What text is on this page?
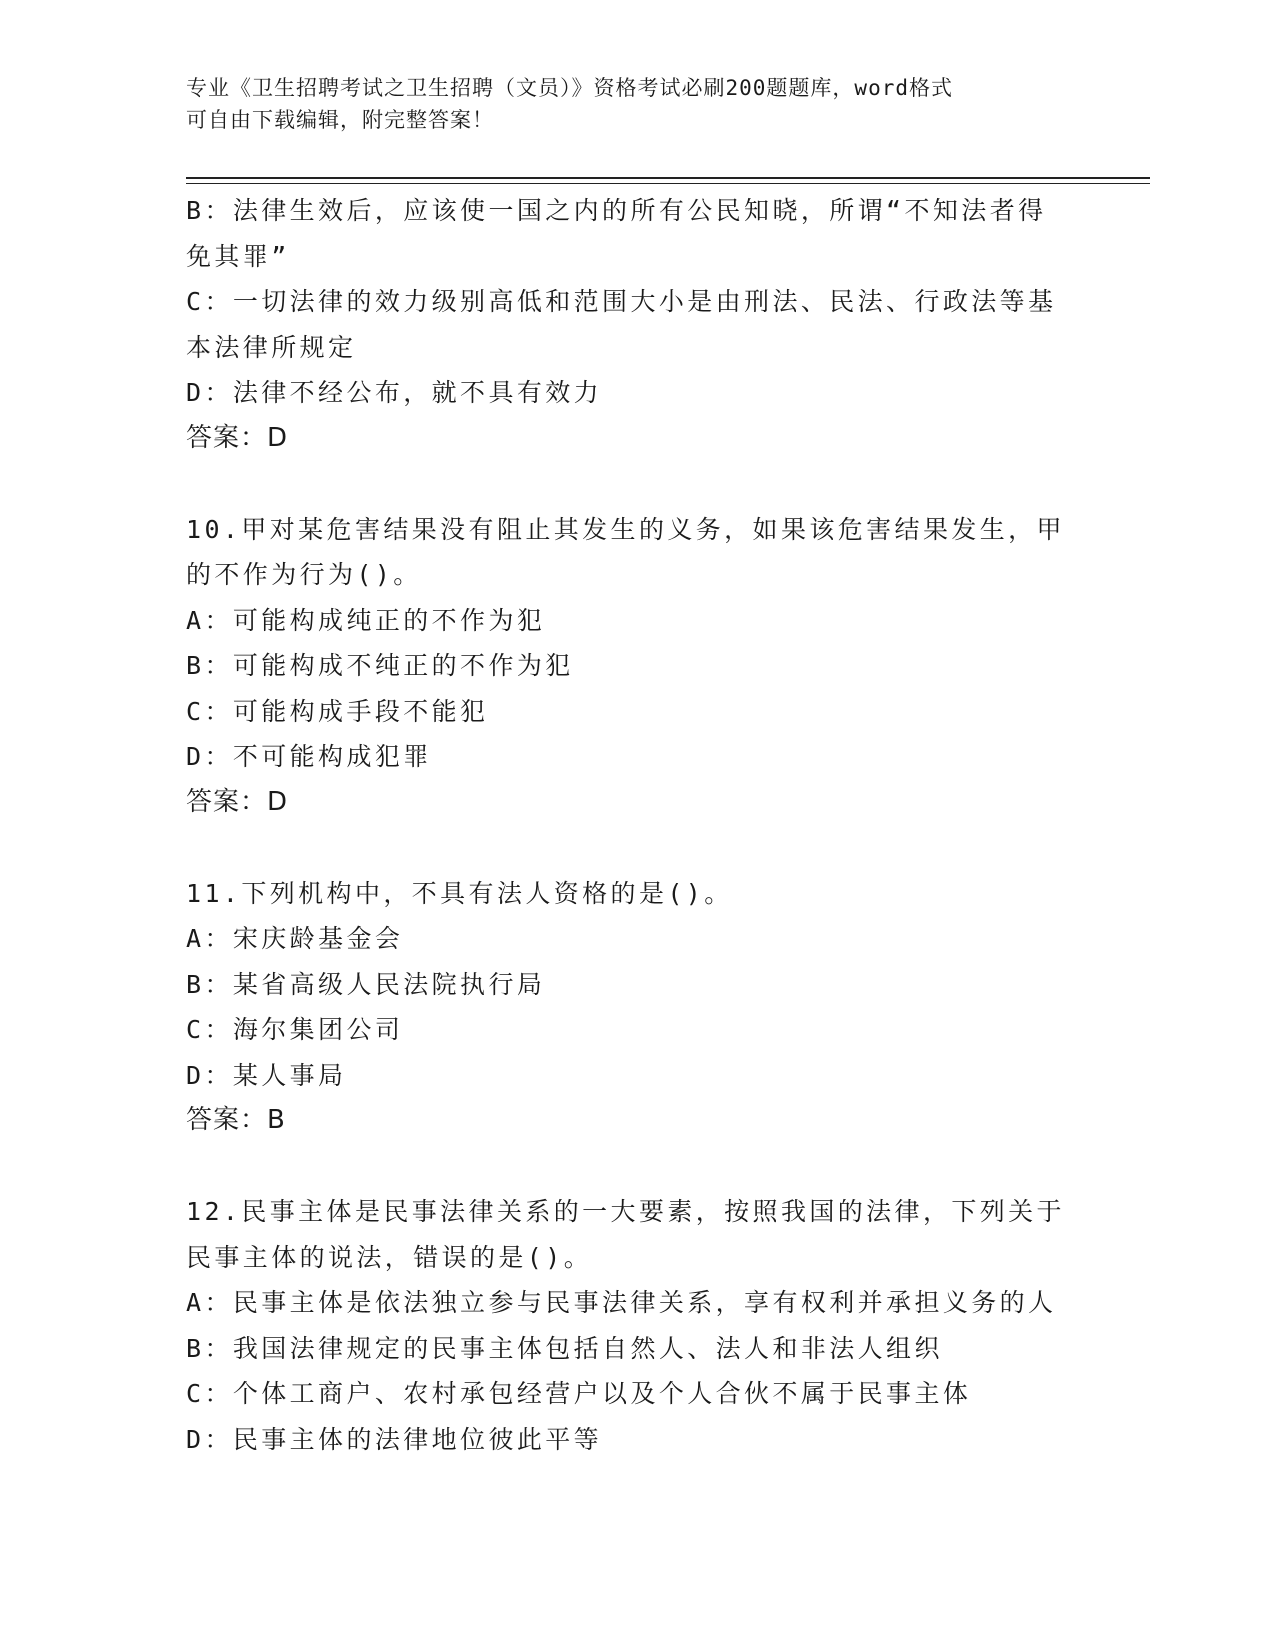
专业《卫生招聘考试之卫生招聘（文员）》资格考试必刷200题题库，word格式
可自由下载编辑，附完整答案！

B：法律生效后，应该使一国之内的所有公民知晓，所谓“不知法者得

免其罪”

C：一切法律的效力级别高低和范围大小是由刑法、民法、行政法等基

本法律所规定

D：法律不经公布，就不具有效力

答案：D

10.甲对某危害结果没有阻止其发生的义务，如果该危害结果发生，甲

的不作为行为()。

A：可能构成纯正的不作为犯

B：可能构成不纯正的不作为犯

C：可能构成手段不能犯

D：不可能构成犯罪

答案：D

11.下列机构中，不具有法人资格的是()。

A：宋庆龄基金会

B：某省高级人民法院执行局

C：海尔集团公司

D：某人事局

答案：B

12.民事主体是民事法律关系的一大要素，按照我国的法律，下列关于

民事主体的说法，错误的是()。

A：民事主体是依法独立参与民事法律关系，享有权利并承担义务的人

B：我国法律规定的民事主体包括自然人、法人和非法人组织

C：个体工商户、农村承包经营户以及个人合伙不属于民事主体

D：民事主体的法律地位彼此平等
